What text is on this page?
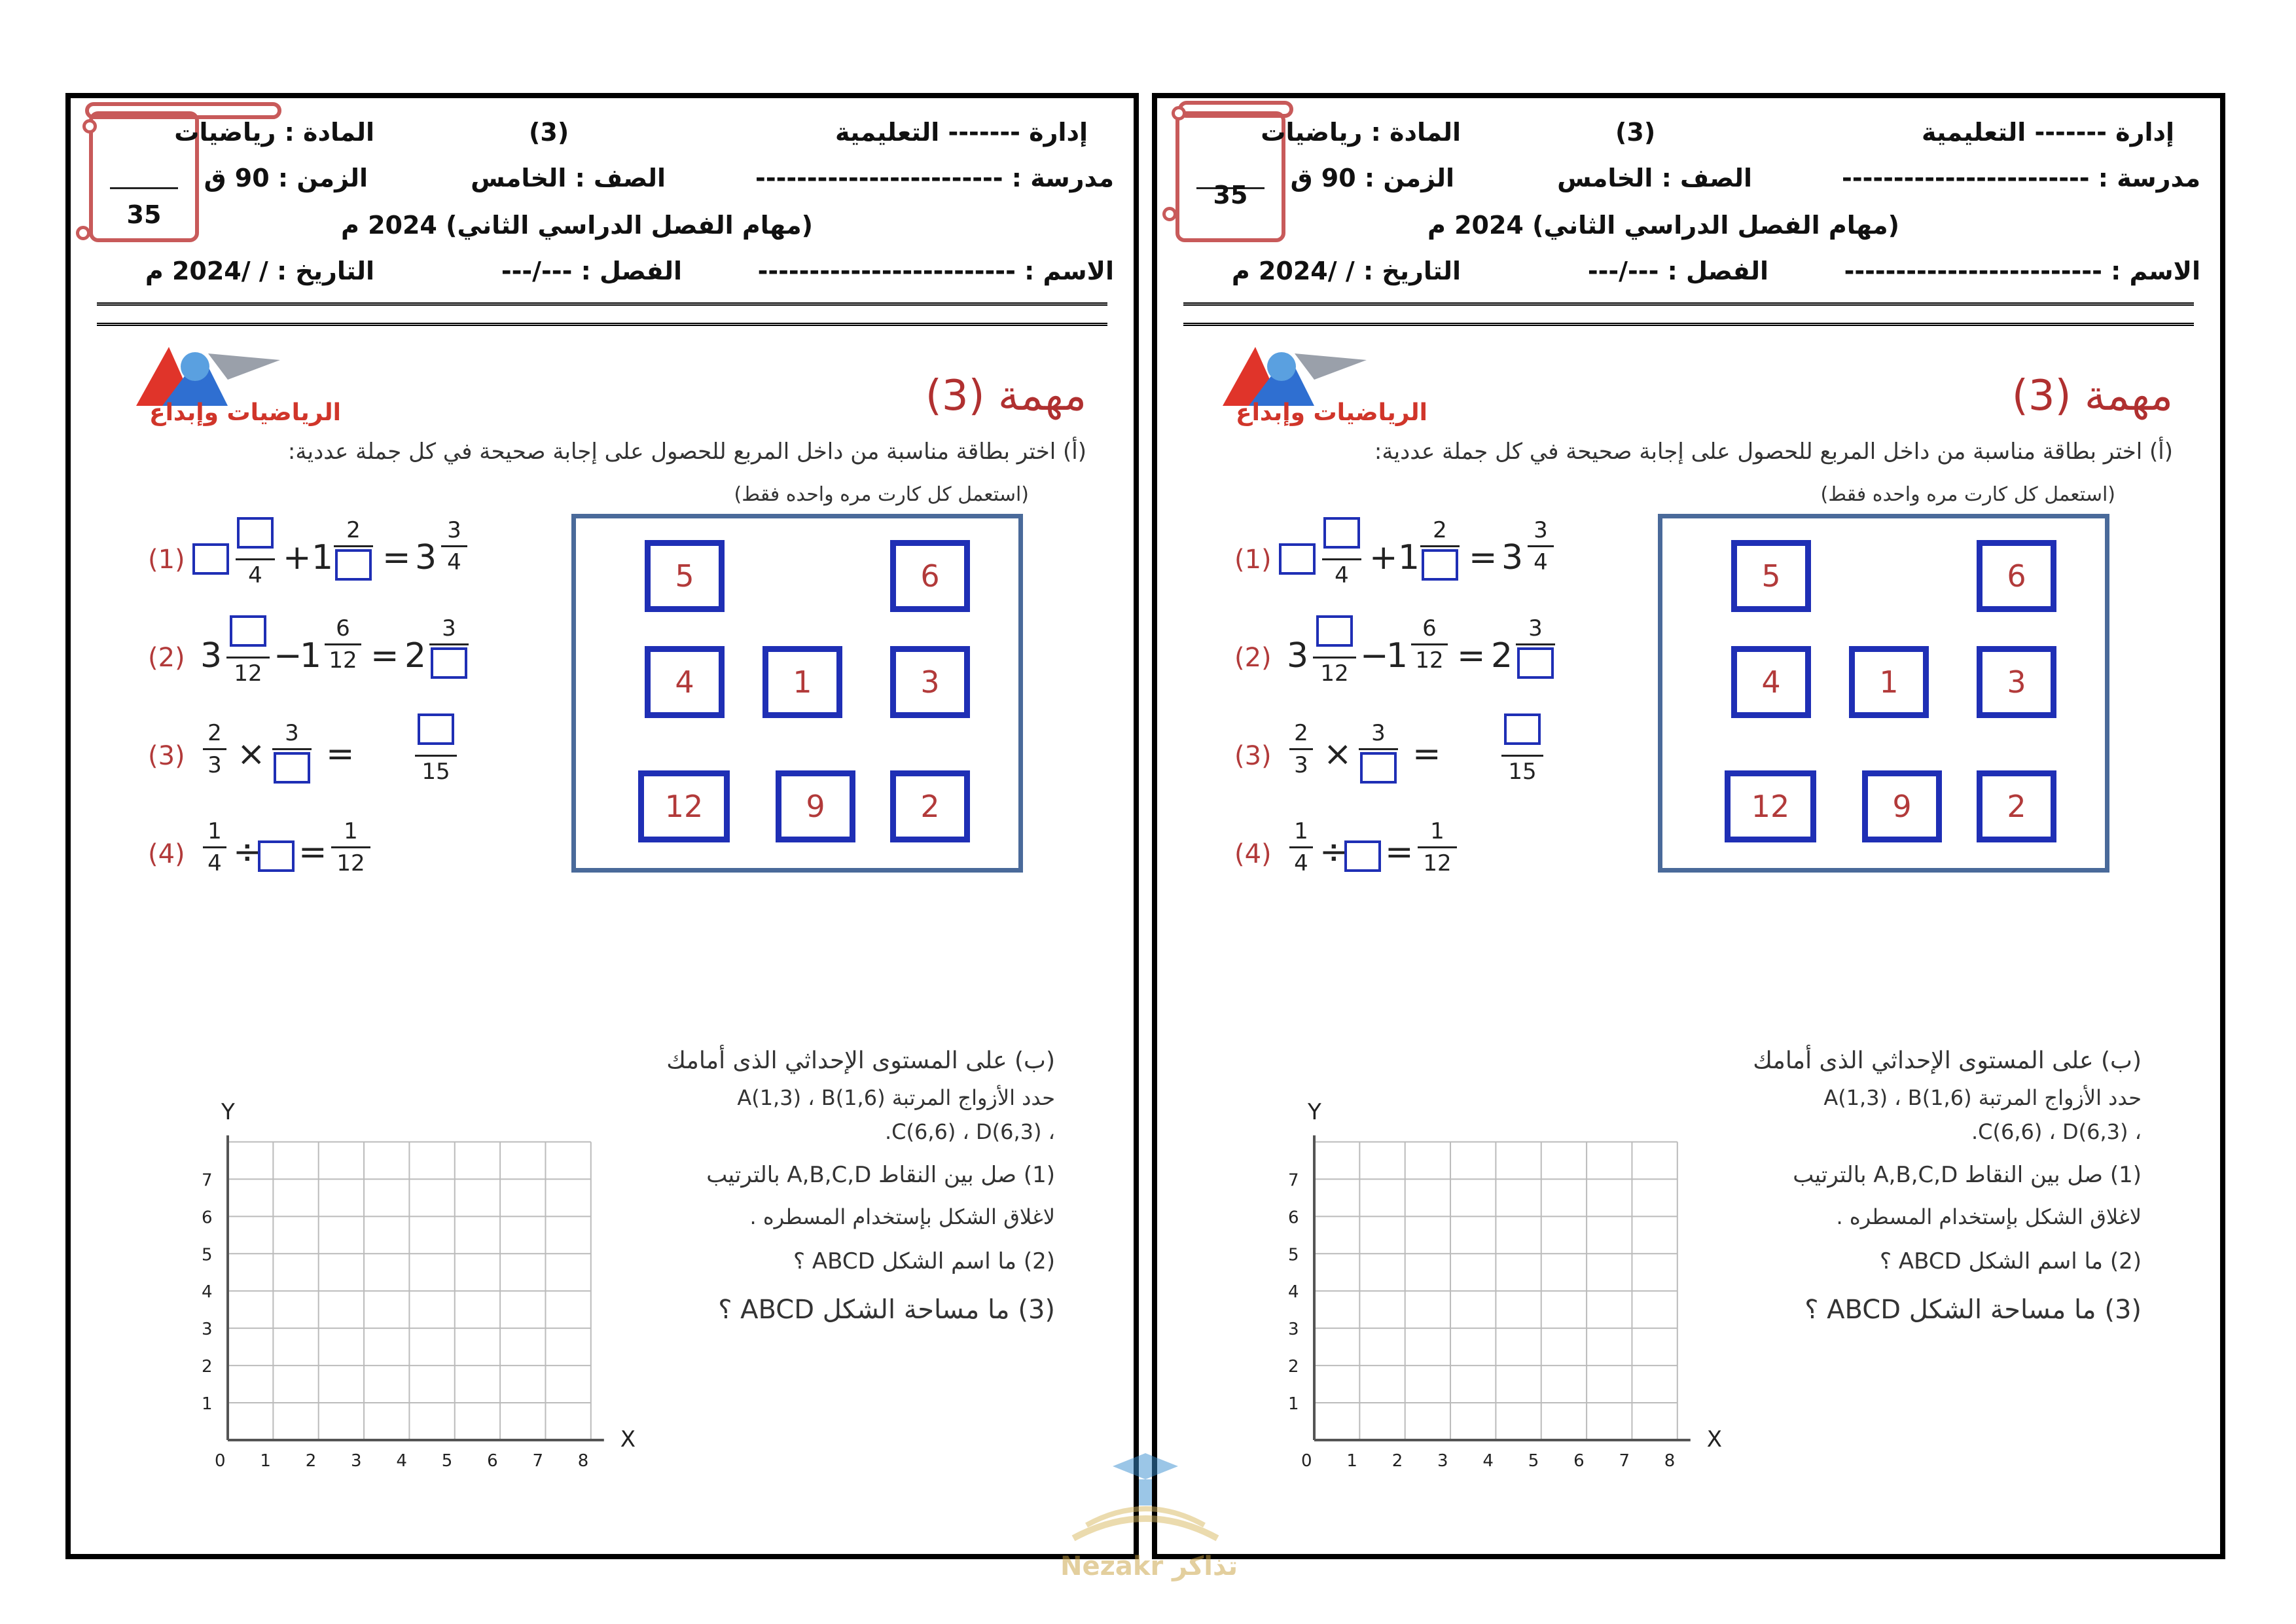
35
إدارة ------- التعليمية
(3)
المادة : رياضيات
مدرسة : ------------------------
الصف : الخامس
الزمن : 90 ق
(مهام الفصل الدراسي الثاني) 2024 م
الاسم : -------------------------
الفصل : ---/---
التاريخ : / /2024 م
الرياضيات وإبداع	مهمة (3)
(أ) اختر بطاقة مناسبة من داخل المربع للحصول على إجابة صحيحة في كل جملة عددية:
(استعمل كل كارت مره واحده فقط)
5	6
4	1	3
12	9	2
(1)
4 + 1
2
= 3
3
4
(2) 3 12 −
1
6
12 = 2
3
(3)
2
3 ×
3
=	15
(4)
1
4 ÷ =
1
12
(ب) على المستوى الإحداثي الذى أمامك
حدد الأزواج المرتبة A(1,3) ، B(1,6)
، C(6,6) ، D(6,3).
(1) صل بين النقاط A,B,C,D بالترتيب
لاغلاق الشكل بإستخدام المسطره .
(2) ما اسم الشكل ABCD ؟
(3) ما مساحة الشكل ABCD ؟
0 1 2 3 4 5 6 7 8
1
2
3
4
5
6
7
X
Y
35
إدارة ------- التعليمية
(3)
المادة : رياضيات
مدرسة : ------------------------
الصف : الخامس
الزمن : 90 ق
(مهام الفصل الدراسي الثاني) 2024 م
الاسم : -------------------------
الفصل : ---/---
التاريخ : / /2024 م
الرياضيات وإبداع	مهمة (3)
(أ) اختر بطاقة مناسبة من داخل المربع للحصول على إجابة صحيحة في كل جملة عددية:
(استعمل كل كارت مره واحده فقط)
5	6
4	1	3
12	9	2
(1)
4 + 1
2
= 3
3
4
(2) 3 12 −
1
6
12 = 2
3
(3)
2
3 ×
3
=	15
(4)
1
4 ÷ =
1
12
(ب) على المستوى الإحداثي الذى أمامك
حدد الأزواج المرتبة A(1,3) ، B(1,6)
، C(6,6) ، D(6,3).
(1) صل بين النقاط A,B,C,D بالترتيب
لاغلاق الشكل بإستخدام المسطره .
(2) ما اسم الشكل ABCD ؟
(3) ما مساحة الشكل ABCD ؟
0 1 2 3 4 5 6 7 8
1
2
3
4
5
6
7
X
Y
Nezakr تذاكر
